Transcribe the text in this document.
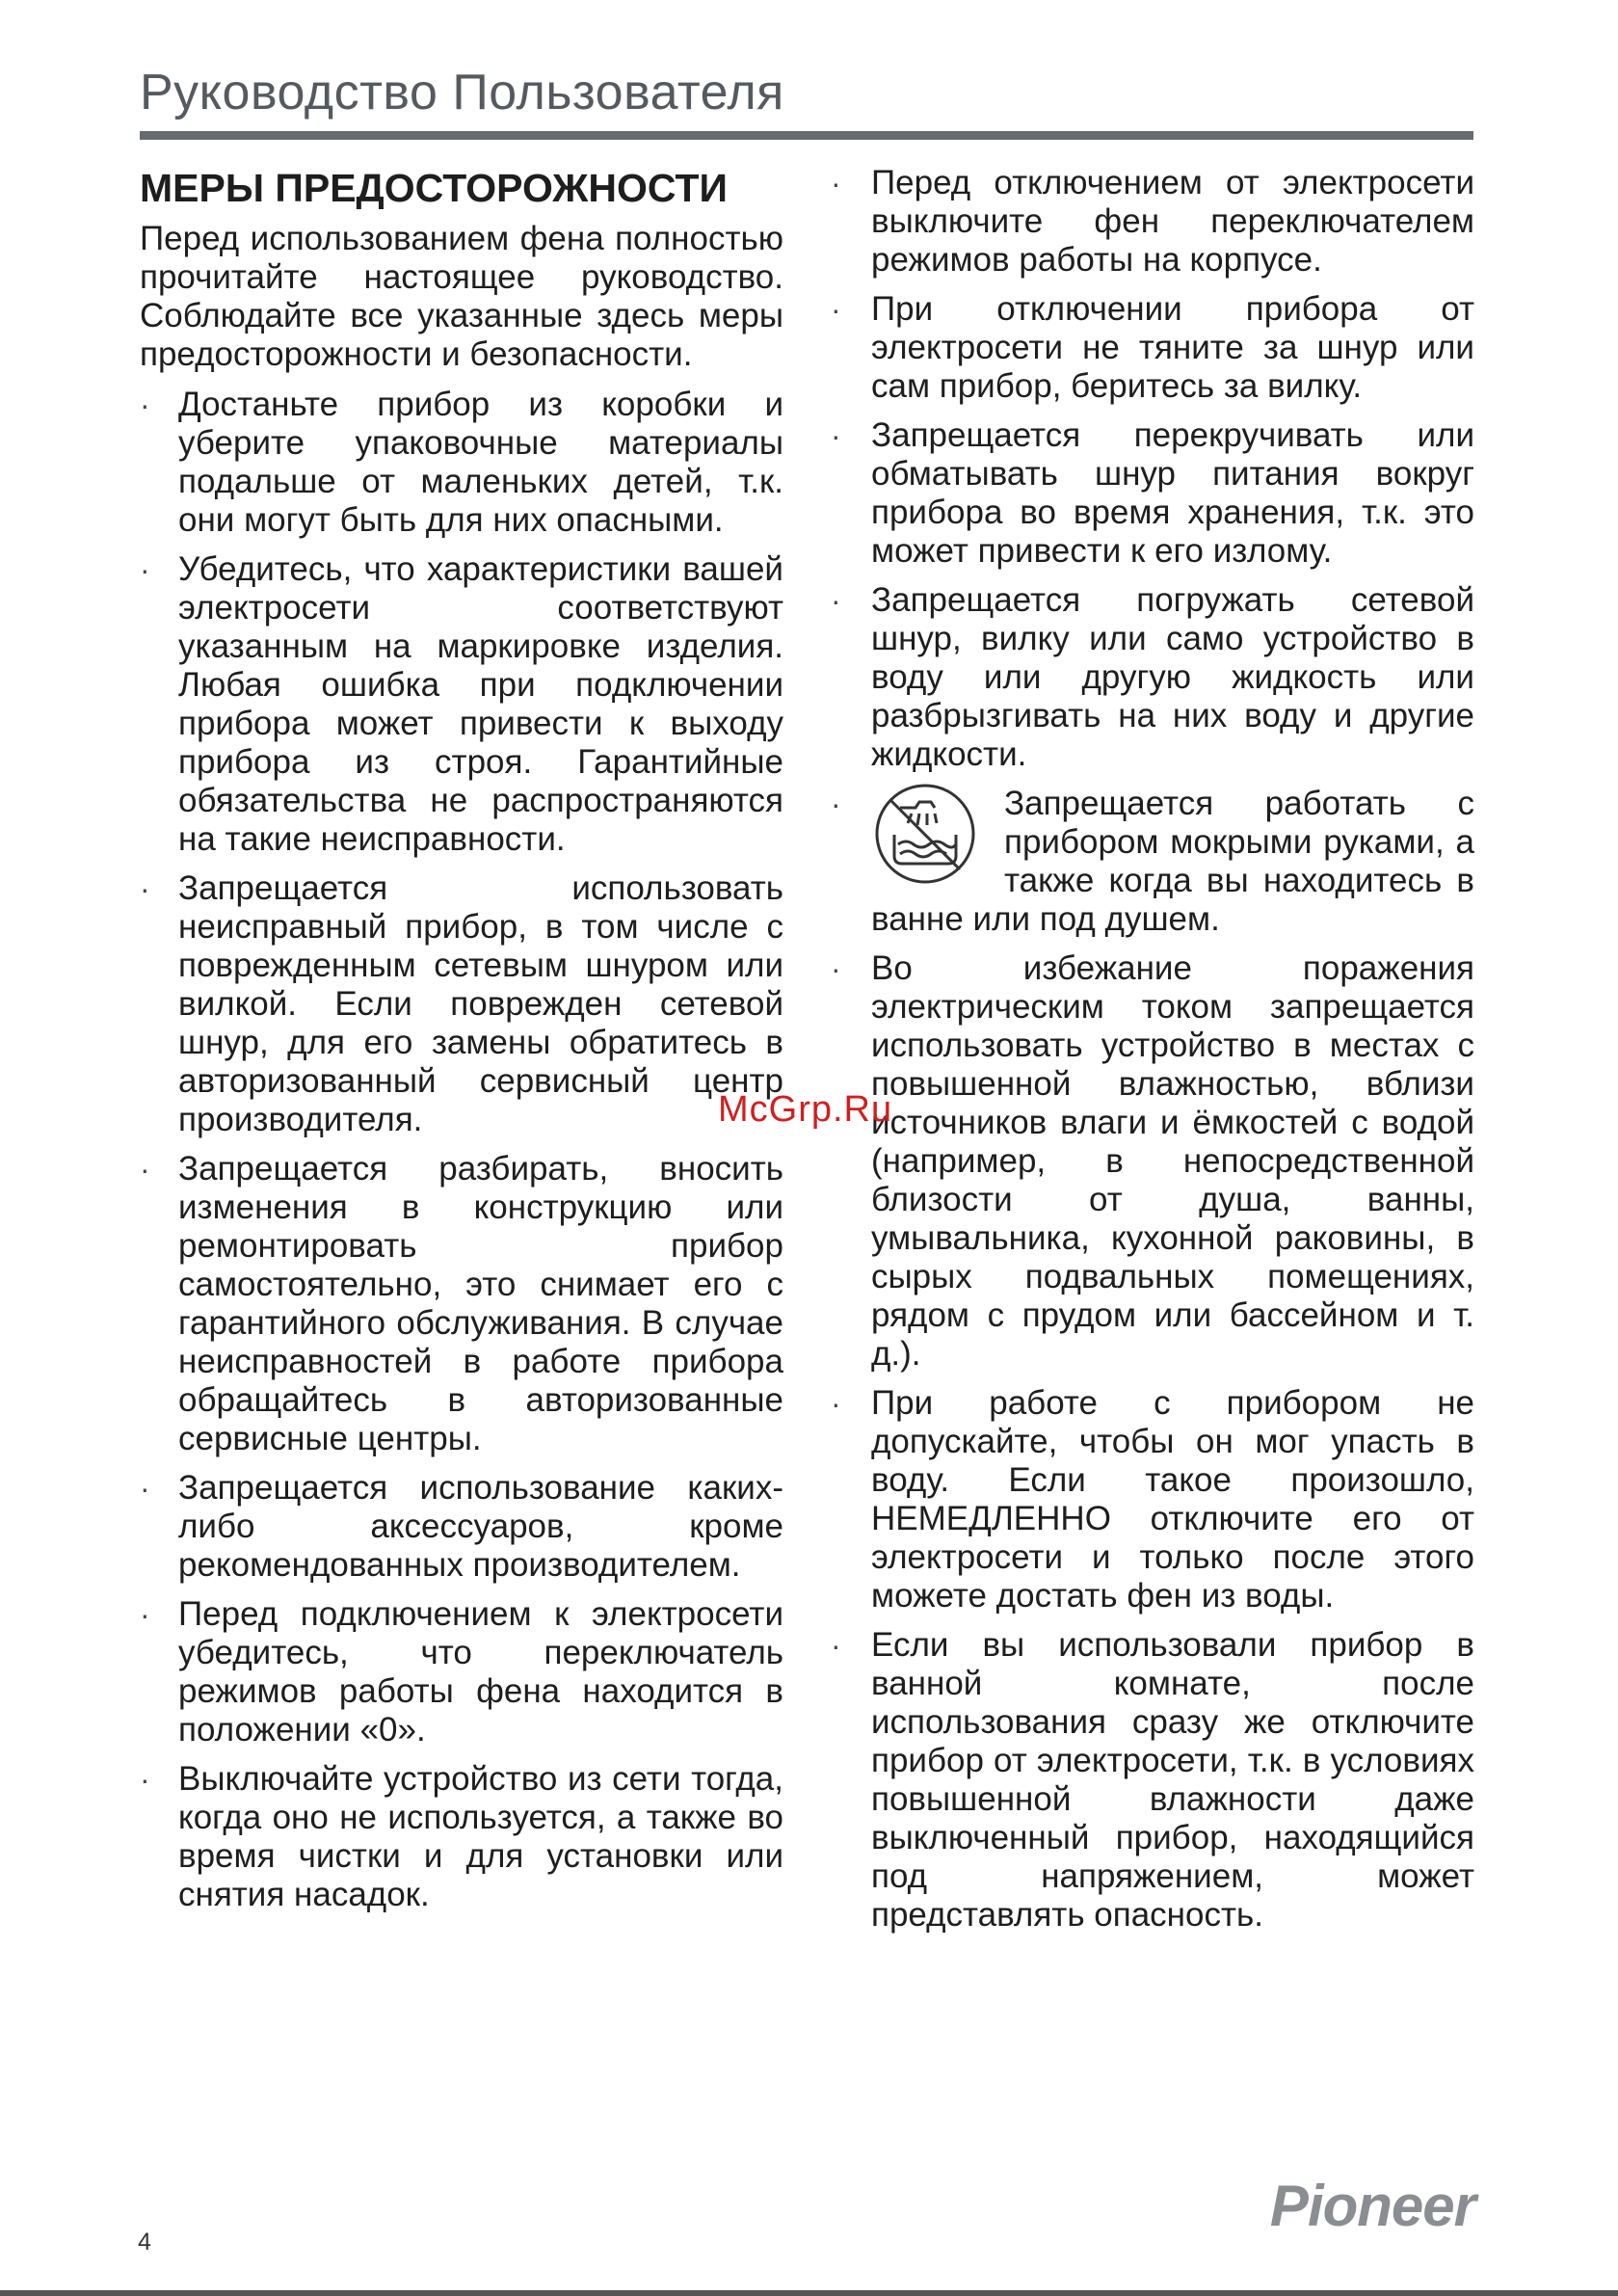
Руководство Пользователя
МЕРЫ ПРЕДОСТОРОЖНОСТИ

Перед использованием фена полностью прочитайте настоящее руководство. Соблюдайте все указанные здесь меры предосторожности и безопасности.

· Достаньте прибор из коробки и уберите упаковочные материалы подальше от маленьких детей, т.к. они могут быть для них опасными.
· Убедитесь, что характеристики вашей электросети соответствуют указанным на маркировке изделия. Любая ошибка при подключении прибора может привести к выходу прибора из строя. Гарантийные обязательства не распространяются на такие неисправности.
· Запрещается использовать неисправный прибор, в том числе с поврежденным сетевым шнуром или вилкой. Если поврежден сетевой шнур, для его замены обратитесь в авторизованный сервисный центр производителя.
· Запрещается разбирать, вносить изменения в конструкцию или ремонтировать прибор самостоятельно, это снимает его с гарантийного обслуживания. В случае неисправностей в работе прибора обращайтесь в авторизованные сервисные центры.
· Запрещается использование каких-либо аксессуаров, кроме рекомендованных производителем.
· Перед подключением к электросети убедитесь, что переключатель режимов работы фена находится в положении «0».
· Выключайте устройство из сети тогда, когда оно не используется, а также во время чистки и для установки или снятия насадок.
· Перед отключением от электросети выключите фен переключателем режимов работы на корпусе.
· При отключении прибора от электросети не тяните за шнур или сам прибор, беритесь за вилку.
· Запрещается перекручивать или обматывать шнур питания вокруг прибора во время хранения, т.к. это может привести к его излому.
· Запрещается погружать сетевой шнур, вилку или само устройство в воду или другую жидкость или разбрызгивать на них воду и другие жидкости.
· Запрещается работать с прибором мокрыми руками, а также когда вы находитесь в ванне или под душем.
· Во избежание поражения электрическим током запрещается использовать устройство в местах с повышенной влажностью, вблизи источников влаги и ёмкостей с водой (например, в непосредственной близости от душа, ванны, умывальника, кухонной раковины, в сырых подвальных помещениях, рядом с прудом или бассейном и т. д.).
· При работе с прибором не допускайте, чтобы он мог упасть в воду. Если такое произошло, НЕМЕДЛЕННО отключите его от электросети и только после этого можете достать фен из воды.
· Если вы использовали прибор в ванной комнате, после использования сразу же отключите прибор от электросети, т.к. в условиях повышенной влажности даже выключенный прибор, находящийся под напряжением, может представлять опасность.
McGrp.Ru
4
Pioneer
